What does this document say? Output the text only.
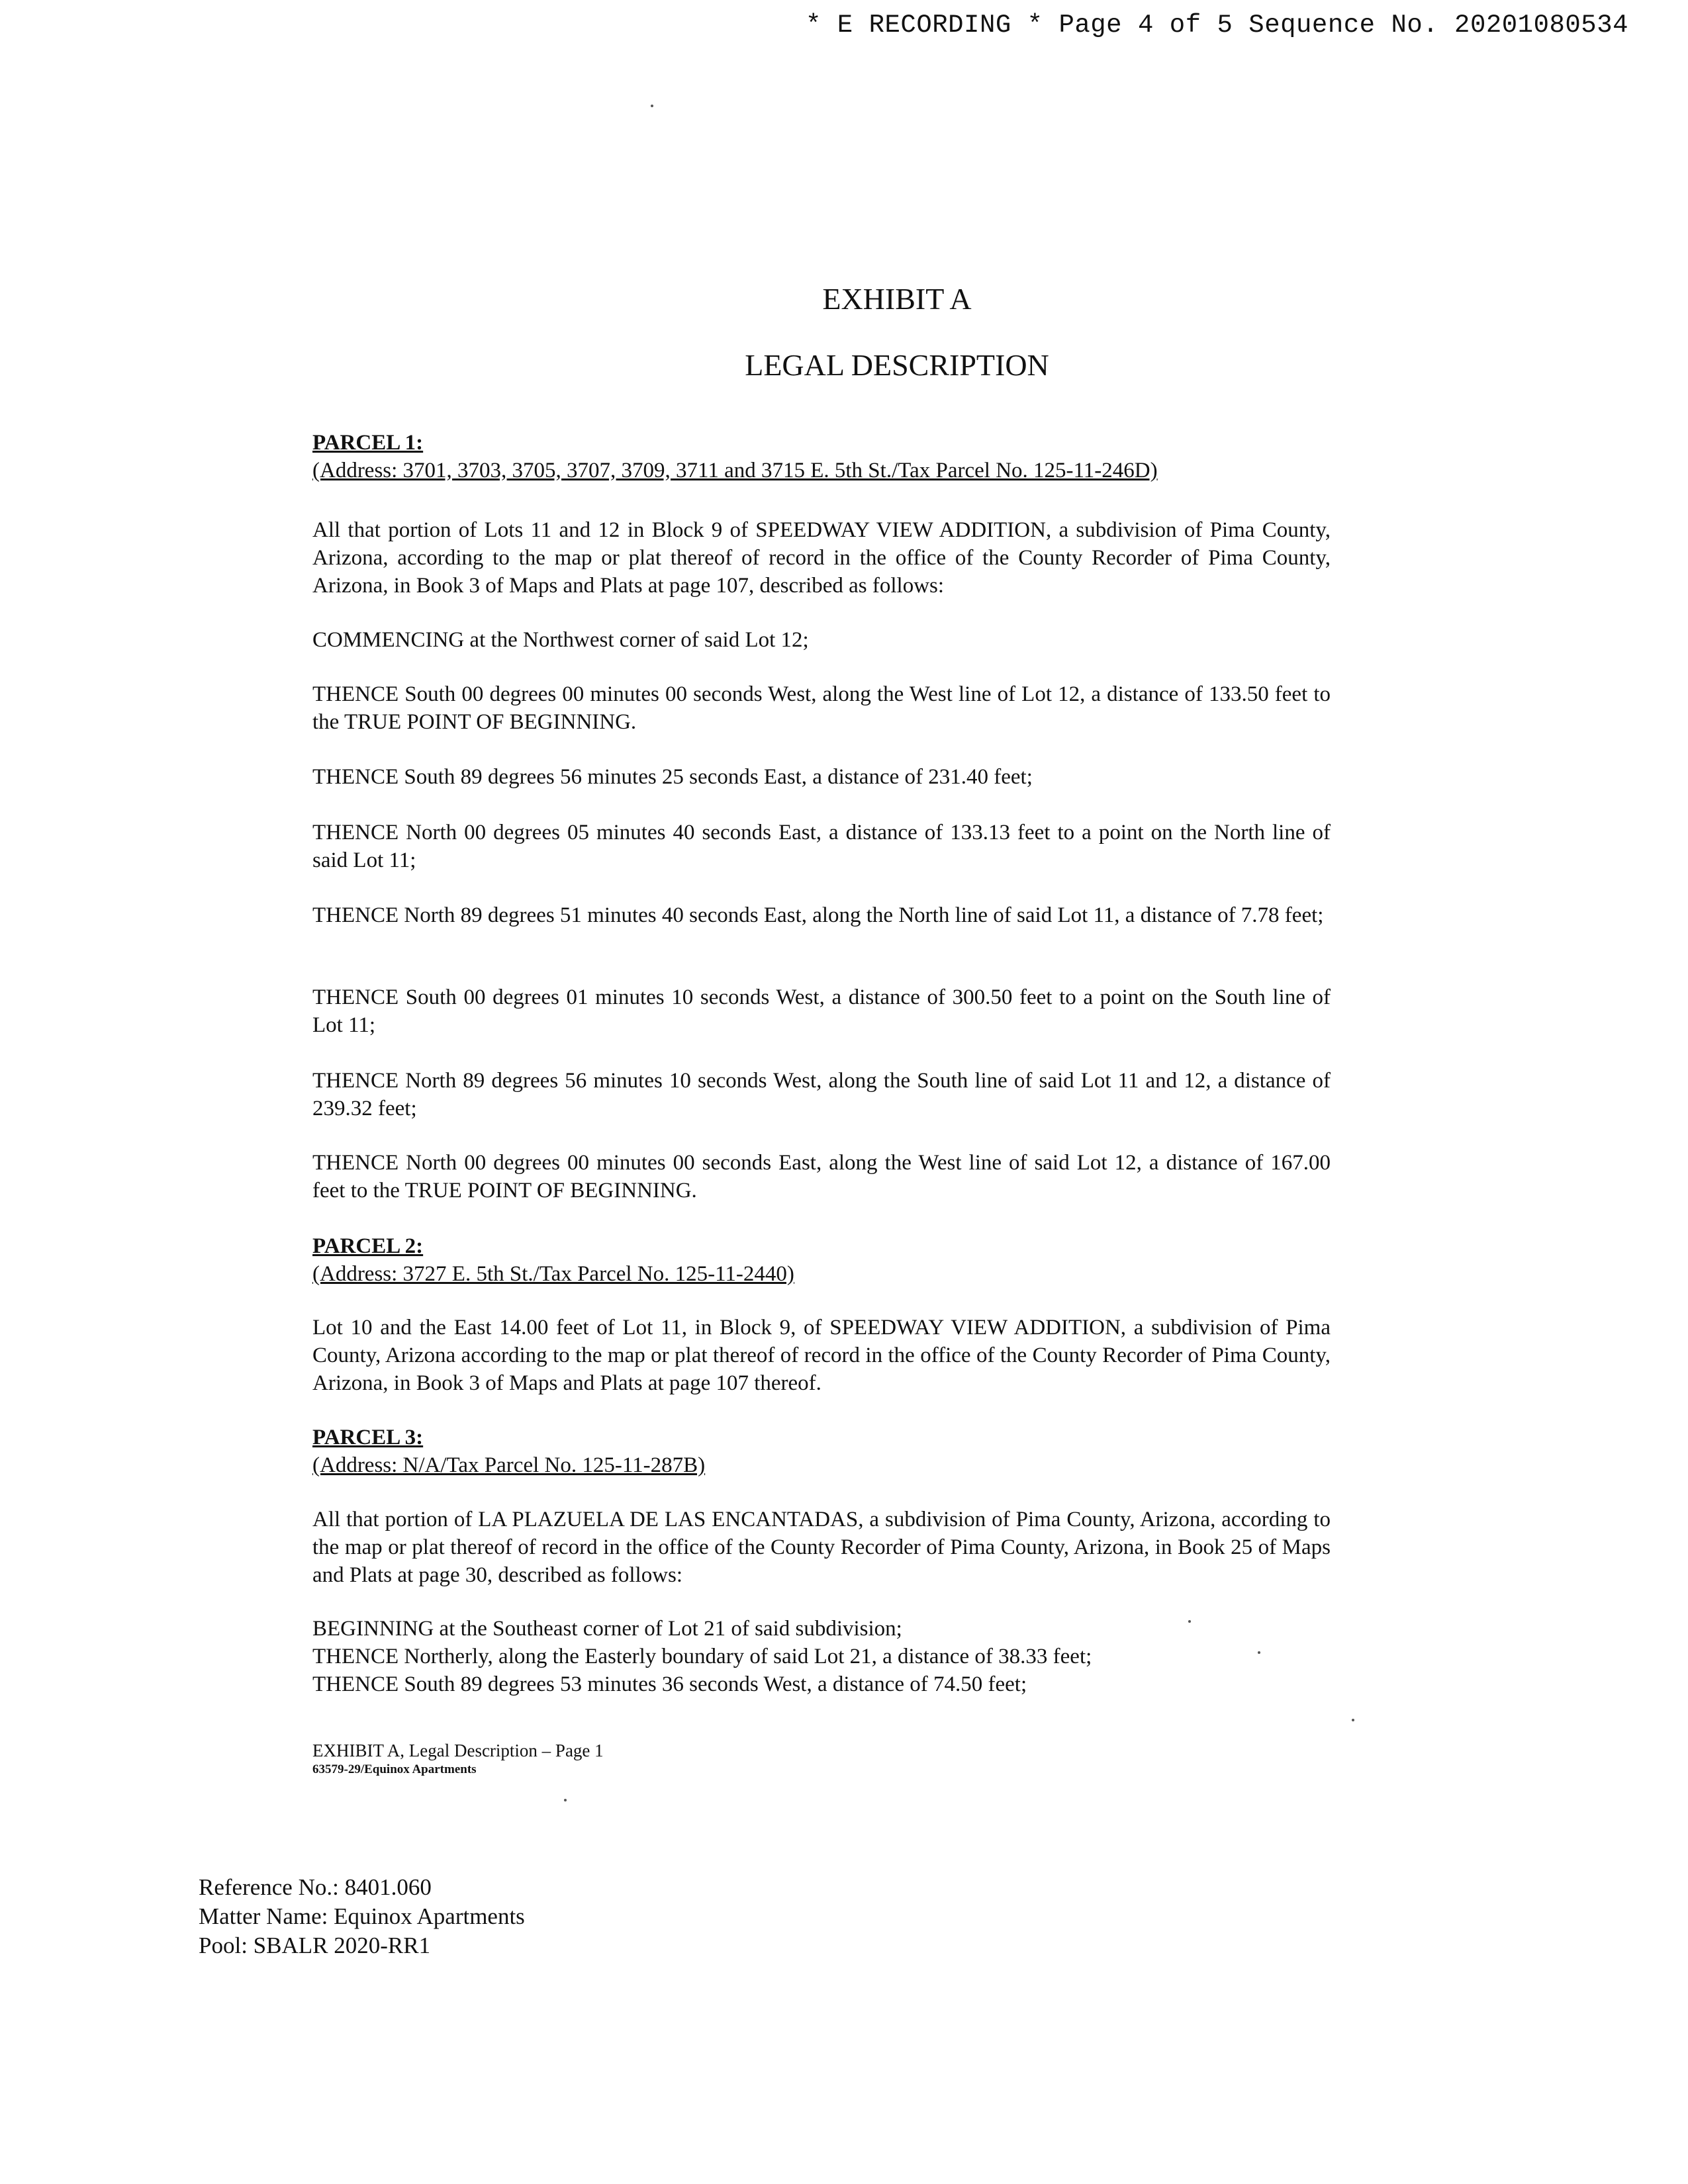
* E RECORDING * Page 4 of 5 Sequence No. 20201080534
EXHIBIT A
LEGAL DESCRIPTION
PARCEL 1:
(Address: 3701, 3703, 3705, 3707, 3709, 3711 and 3715 E. 5th St./Tax Parcel No. 125-11-246D)

All that portion of Lots 11 and 12 in Block 9 of SPEEDWAY VIEW ADDITION, a subdivision of Pima County, Arizona, according to the map or plat thereof of record in the office of the County Recorder of Pima County, Arizona, in Book 3 of Maps and Plats at page 107, described as follows:

COMMENCING at the Northwest corner of said Lot 12;

THENCE South 00 degrees 00 minutes 00 seconds West, along the West line of Lot 12, a distance of 133.50 feet to the TRUE POINT OF BEGINNING.

THENCE South 89 degrees 56 minutes 25 seconds East, a distance of 231.40 feet;

THENCE North 00 degrees 05 minutes 40 seconds East, a distance of 133.13 feet to a point on the North line of said Lot 11;

THENCE North 89 degrees 51 minutes 40 seconds East, along the North line of said Lot 11, a distance of 7.78 feet;

THENCE South 00 degrees 01 minutes 10 seconds West, a distance of 300.50 feet to a point on the South line of Lot 11;

THENCE North 89 degrees 56 minutes 10 seconds West, along the South line of said Lot 11 and 12, a distance of 239.32 feet;

THENCE North 00 degrees 00 minutes 00 seconds East, along the West line of said Lot 12, a distance of 167.00 feet to the TRUE POINT OF BEGINNING.

PARCEL 2:
(Address: 3727 E. 5th St./Tax Parcel No. 125-11-2440)

Lot 10 and the East 14.00 feet of Lot 11, in Block 9, of SPEEDWAY VIEW ADDITION, a subdivision of Pima County, Arizona according to the map or plat thereof of record in the office of the County Recorder of Pima County, Arizona, in Book 3 of Maps and Plats at page 107 thereof.

PARCEL 3:
(Address: N/A/Tax Parcel No. 125-11-287B)

All that portion of LA PLAZUELA DE LAS ENCANTADAS, a subdivision of Pima County, Arizona, according to the map or plat thereof of record in the office of the County Recorder of Pima County, Arizona, in Book 25 of Maps and Plats at page 30, described as follows:

BEGINNING at the Southeast corner of Lot 21 of said subdivision;
THENCE Northerly, along the Easterly boundary of said Lot 21, a distance of 38.33 feet;
THENCE South 89 degrees 53 minutes 36 seconds West, a distance of 74.50 feet;
EXHIBIT A, Legal Description – Page 1
63579-29/Equinox Apartments
Reference No.: 8401.060
Matter Name: Equinox Apartments
Pool: SBALR 2020-RR1
